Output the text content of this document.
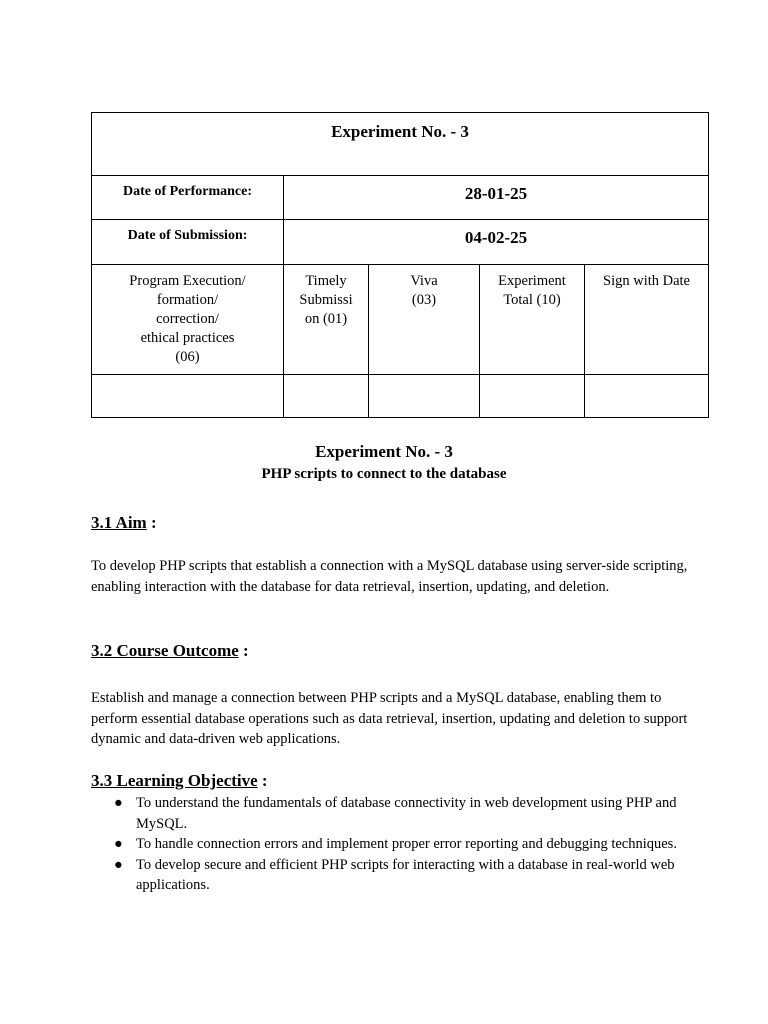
Experiment No. - 3
Date of Performance:	28-01-25
Date of Submission:	04-02-25
Program Execution/
formation/
correction/
ethical practices
(06)
Timely
Submissi
on (01)
Viva
(03)
Experiment
Total (10)
Sign with Date
Experiment No. - 3
PHP scripts to connect to the database
3.1 Aim :
To develop PHP scripts that establish a connection with a MySQL database using server-side scripting, enabling interaction with the database for data retrieval, insertion, updating, and deletion.
3.2 Course Outcome :
Establish and manage a connection between PHP scripts and a MySQL database, enabling them to perform essential database operations such as data retrieval, insertion, updating and deletion to support dynamic and data-driven web applications.
3.3 Learning Objective :
● To understand the fundamentals of database connectivity in web development using PHP and MySQL.
● To handle connection errors and implement proper error reporting and debugging techniques.
● To develop secure and efficient PHP scripts for interacting with a database in real-world web applications.
